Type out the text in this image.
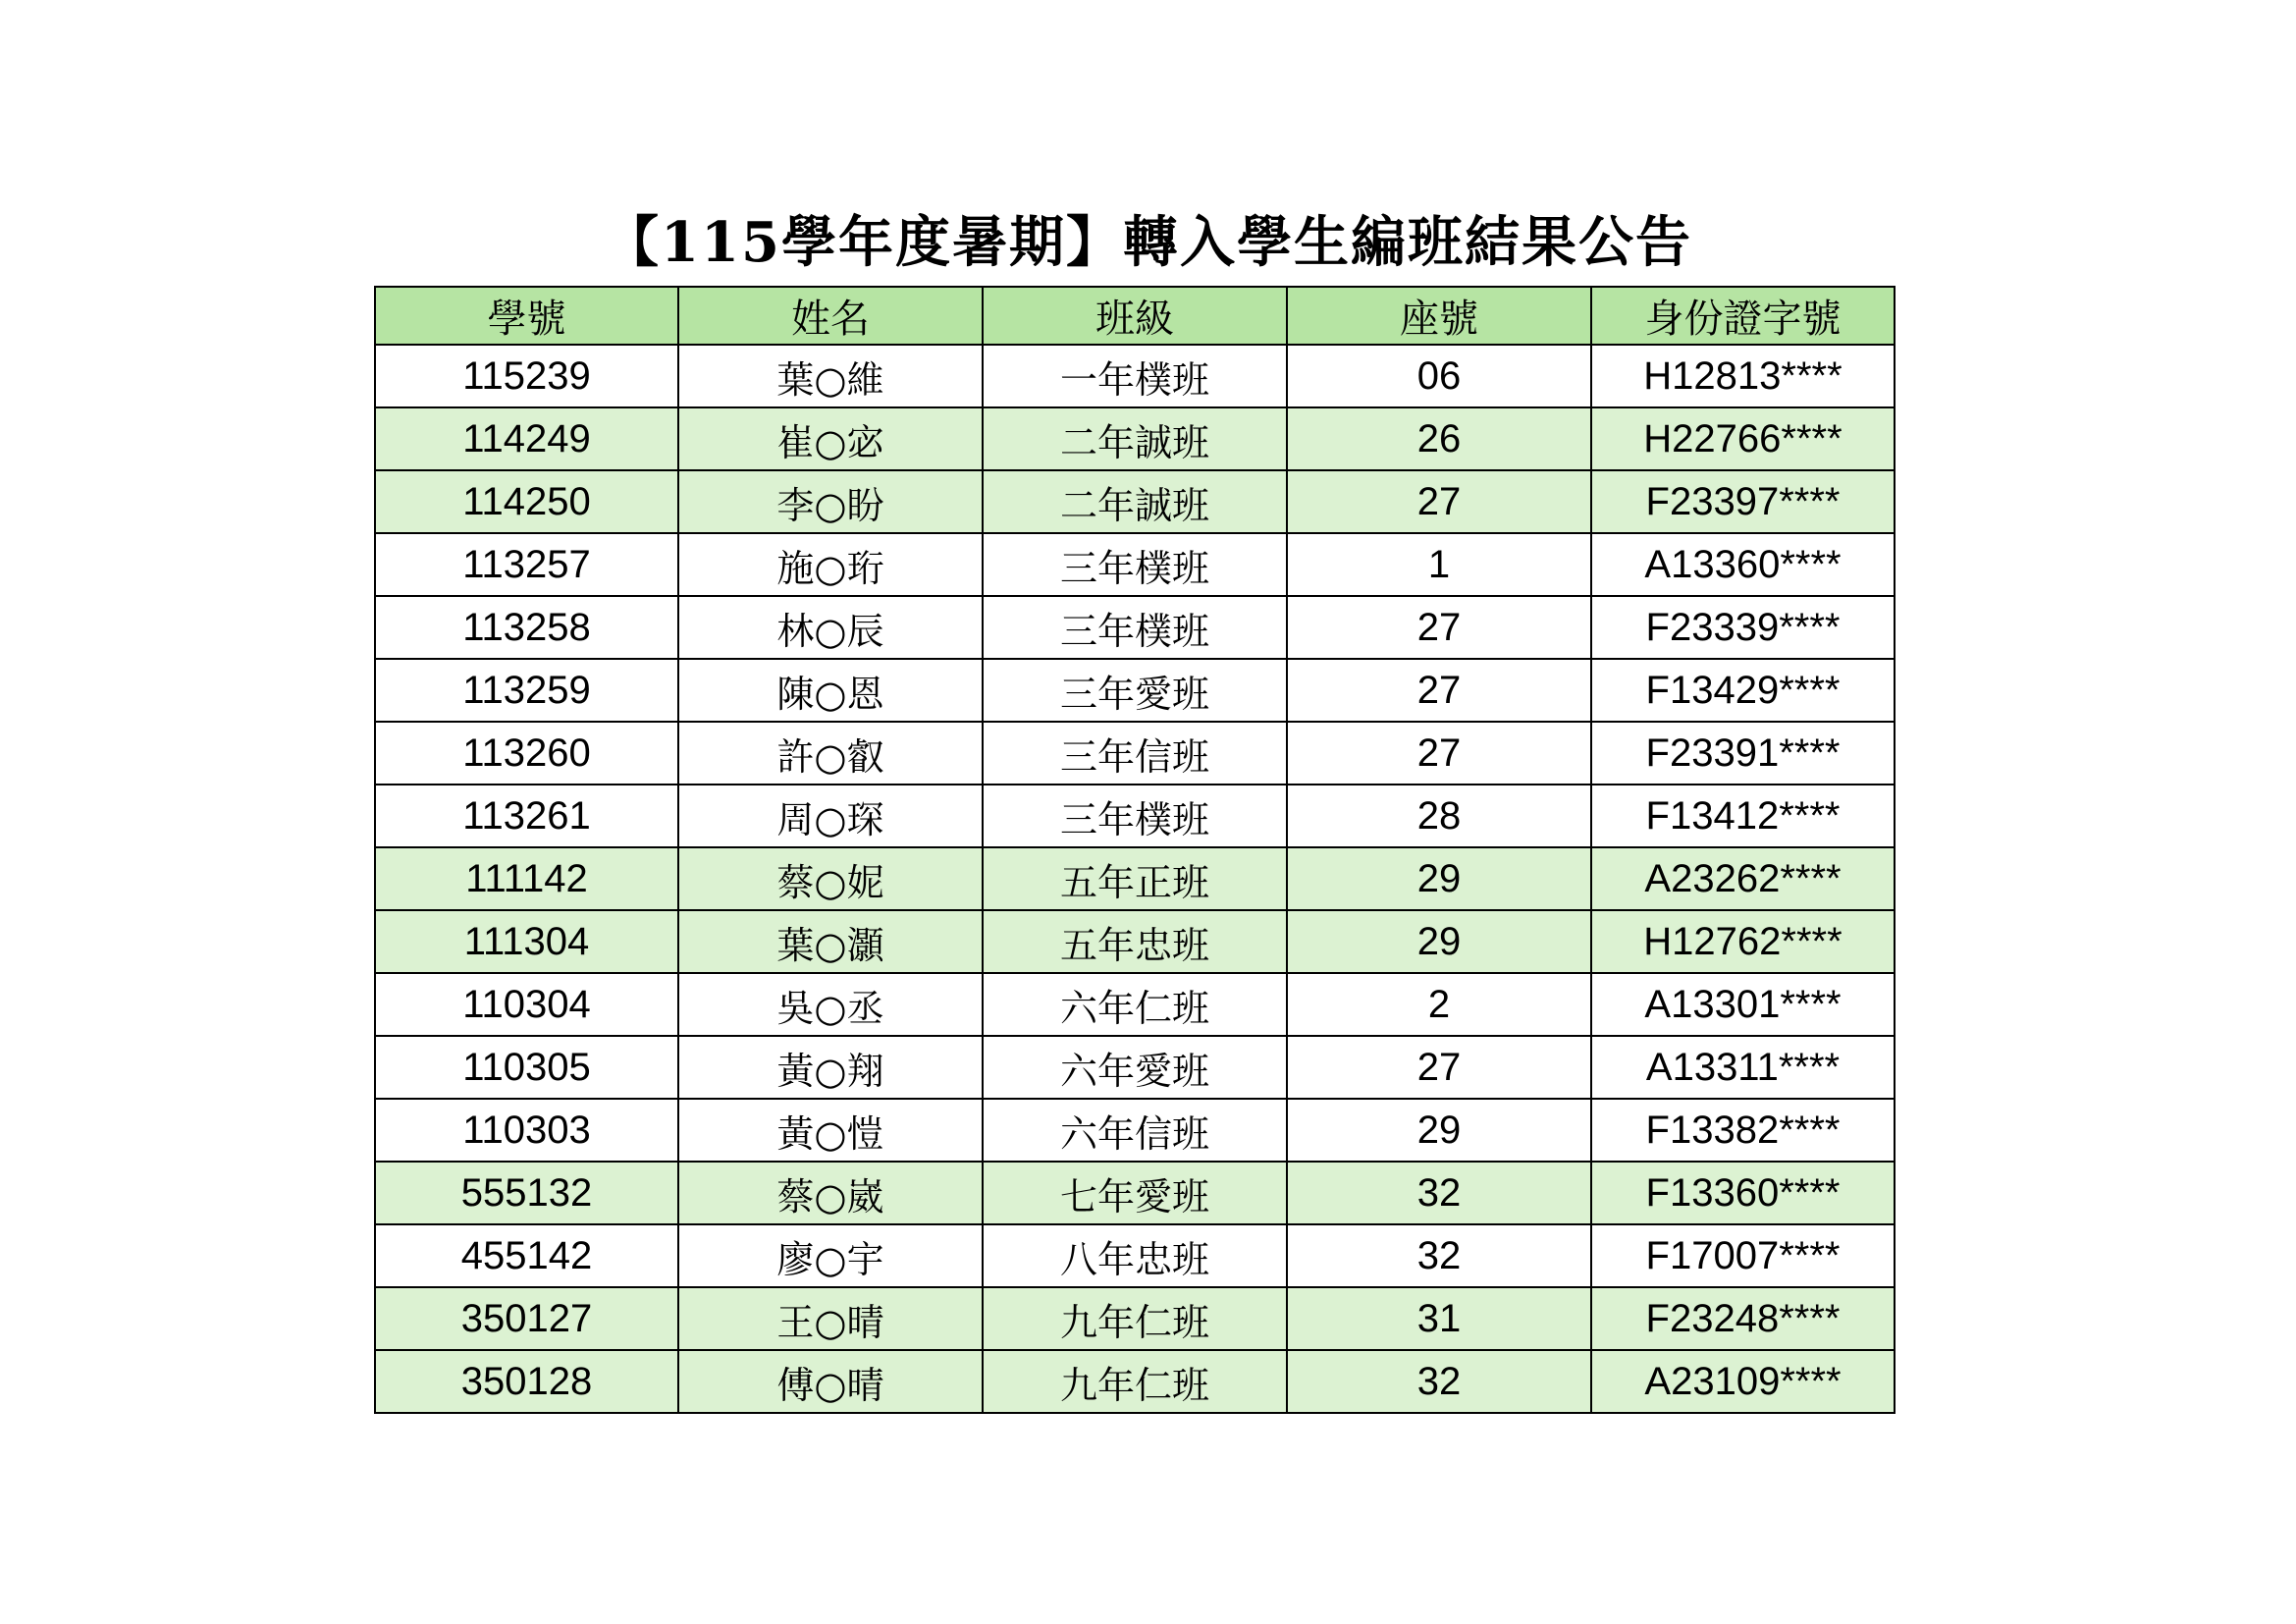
【115學年度暑期】轉入學生編班結果公告
學號	姓名	班級	座號	身份證字號
115239	葉○維	一年樸班	06	H12813****
114249	崔○宓	二年誠班	26	H22766****
114250	李○盼	二年誠班	27	F23397****
113257	施○珩	三年樸班	1	A13360****
113258	林○辰	三年樸班	27	F23339****
113259	陳○恩	三年愛班	27	F13429****
113260	許○叡	三年信班	27	F23391****
113261	周○琛	三年樸班	28	F13412****
111142	蔡○妮	五年正班	29	A23262****
111304	葉○灝	五年忠班	29	H12762****
110304	吳○丞	六年仁班	2	A13301****
110305	黃○翔	六年愛班	27	A13311****
110303	黃○愷	六年信班	29	F13382****
555132	蔡○崴	七年愛班	32	F13360****
455142	廖○宇	八年忠班	32	F17007****
350127	王○晴	九年仁班	31	F23248****
350128	傅○晴	九年仁班	32	A23109****
